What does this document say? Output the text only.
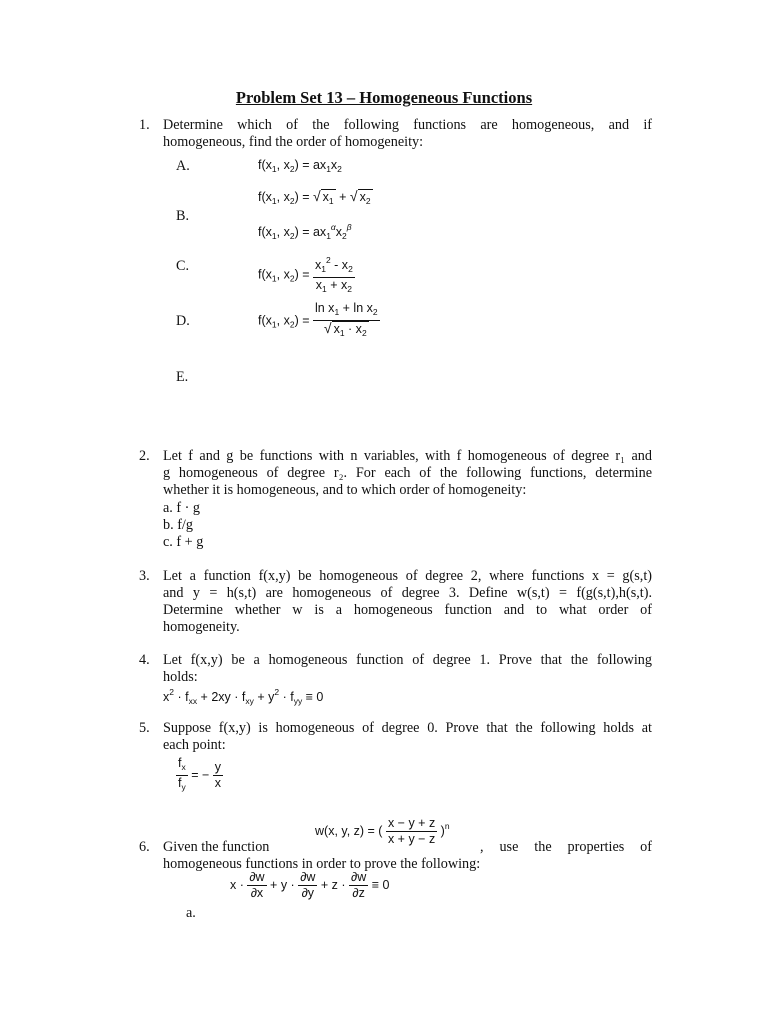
Problem Set 13 – Homogeneous Functions
1. Determine which of the following functions are homogeneous, and if
homogeneous, find the order of homogeneity:
A.
B.
C.
D.
E.
$f(x_1$, $x_2) = ax_1x_2$
$f(x_1$, $x_2$) = √ $x_1$ + √ $x_2$
$f(x_1$, $x_2) = ax_1^\alpha x_2^\beta$
$f(x_1$, $x_2) = \frac{x_1^2 - x_2}{x_1 + x_2}$
$f(x_1$, $x_2) = \frac{\ln x_1 + \ln x_2}{√ x_1 \cdot x_2}$
2. Let f and g be functions with n variables, with f homogeneous of degree r₁ and
g homogeneous of degree r₂. For each of the following functions, determine
whether it is homogeneous, and to which order of homogeneity:
a. f · g
b. f/g
c. f + g
3. Let a function f(x,y) be homogeneous of degree 2, where functions x = g(s,t)
and y = h(s,t) are homogeneous of degree 3. Define w(s,t) = f(g(s,t),h(s,t).
Determine whether w is a homogeneous function and to what order of
homogeneity.
4. Let f(x,y) be a homogeneous function of degree 1. Prove that the following
holds:
$x^2 \cdot f_{xx} + 2xy \cdot f_{xy} + y^2 \cdot f_{yy} \equiv 0$
5. Suppose f(x,y) is homogeneous of degree 0. Prove that the following holds at
each point:
$\frac{f_x}{f_y}$ = − $\frac{y}{x}$
w(x, y, z) = ( $\frac{x - y + z}{x + y - z} )^n$
6. Given the function	, use the properties of
homogeneous functions in order to prove the following:
$x \cdot \frac{\partial w}{\partial x} + y \cdot \frac{\partial w}{\partial y} + z \cdot \frac{\partial w}{\partial z} \equiv 0$
a.
